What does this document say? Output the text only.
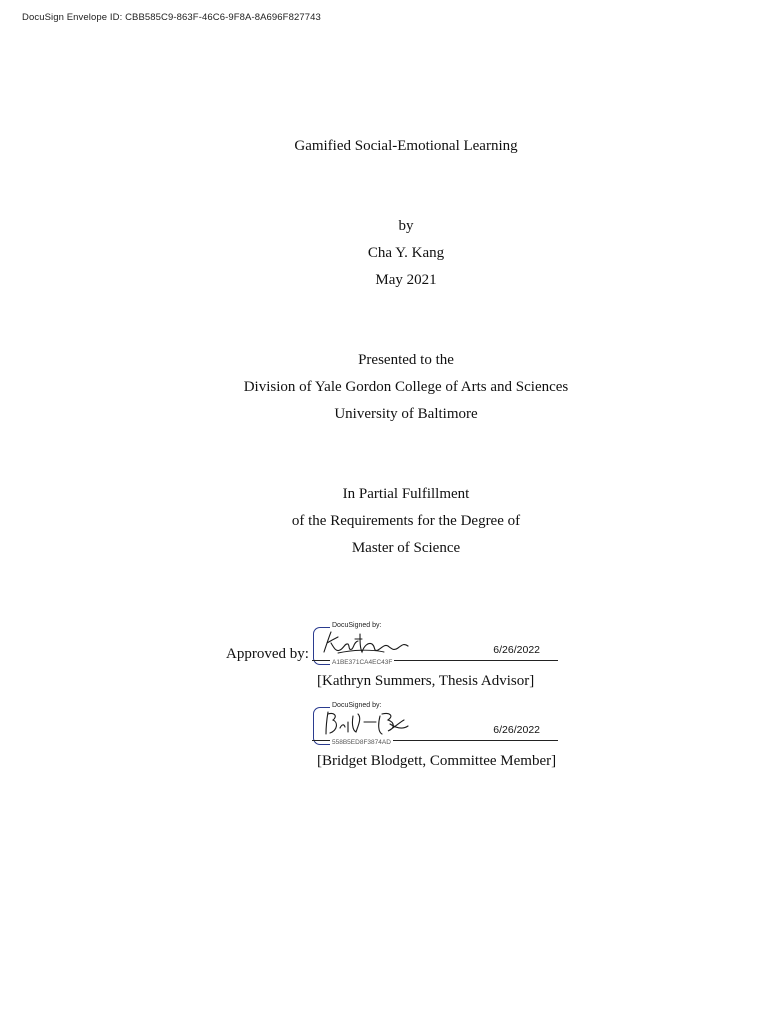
DocuSign Envelope ID: CBB585C9-863F-46C6-9F8A-8A696F827743
Gamified Social-Emotional Learning
by
Cha Y. Kang
May 2021
Presented to the
Division of Yale Gordon College of Arts and Sciences
University of Baltimore
In Partial Fulfillment
of the Requirements for the Degree of
Master of Science
Approved by:
DocuSigned by:
6/26/2022
A1BE371CA4EC43F
[Kathryn Summers, Thesis Advisor]
DocuSigned by:
6/26/2022
558B5ED8F3874AD
[Bridget Blodgett, Committee Member]
